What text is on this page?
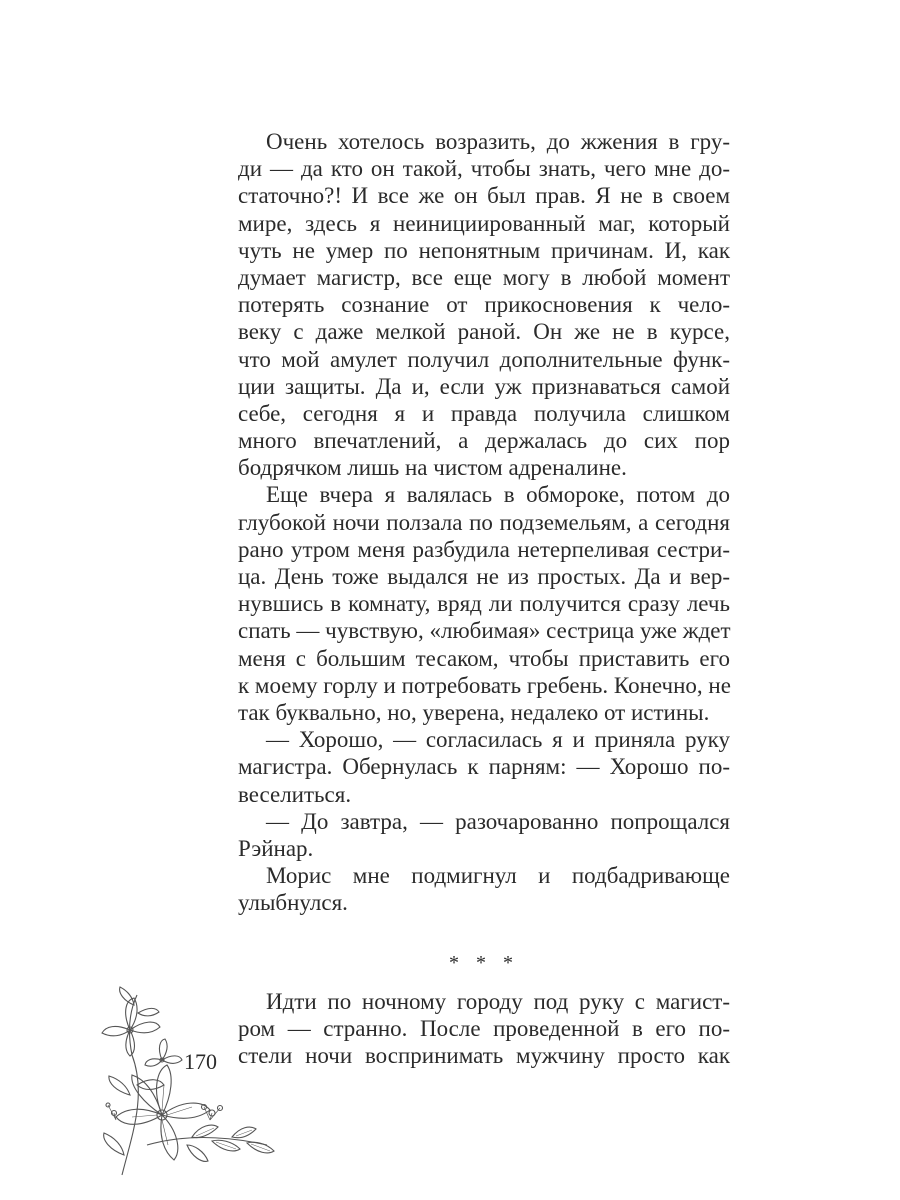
Очень хотелось возразить, до жжения в гру-
ди — да кто он такой, чтобы знать, чего мне до-
статочно?! И все же он был прав. Я не в своем
мире, здесь я неинициированный маг, который
чуть не умер по непонятным причинам. И, как
думает магистр, все еще могу в любой момент
потерять сознание от прикосновения к чело-
веку с даже мелкой раной. Он же не в курсе,
что мой амулет получил дополнительные функ-
ции защиты. Да и, если уж признаваться самой
себе, сегодня я и правда получила слишком
много впечатлений, а держалась до сих пор
бодрячком лишь на чистом адреналине.
Еще вчера я валялась в обмороке, потом до
глубокой ночи ползала по подземельям, а сегодня
рано утром меня разбудила нетерпеливая сестри-
ца. День тоже выдался не из простых. Да и вер-
нувшись в комнату, вряд ли получится сразу лечь
спать — чувствую, «любимая» сестрица уже ждет
меня с большим тесаком, чтобы приставить его
к моему горлу и потребовать гребень. Конечно, не
так буквально, но, уверена, недалеко от истины.
— Хорошо, — согласилась я и приняла руку
магистра. Обернулась к парням: — Хорошо по-
веселиться.
— До завтра, — разочарованно попрощался
Рэйнар.
Морис мне подмигнул и подбадривающе
улыбнулся.
* * *
Идти по ночному городу под руку с магист-
ром — странно. После проведенной в его по-
стели ночи воспринимать мужчину просто как
170
